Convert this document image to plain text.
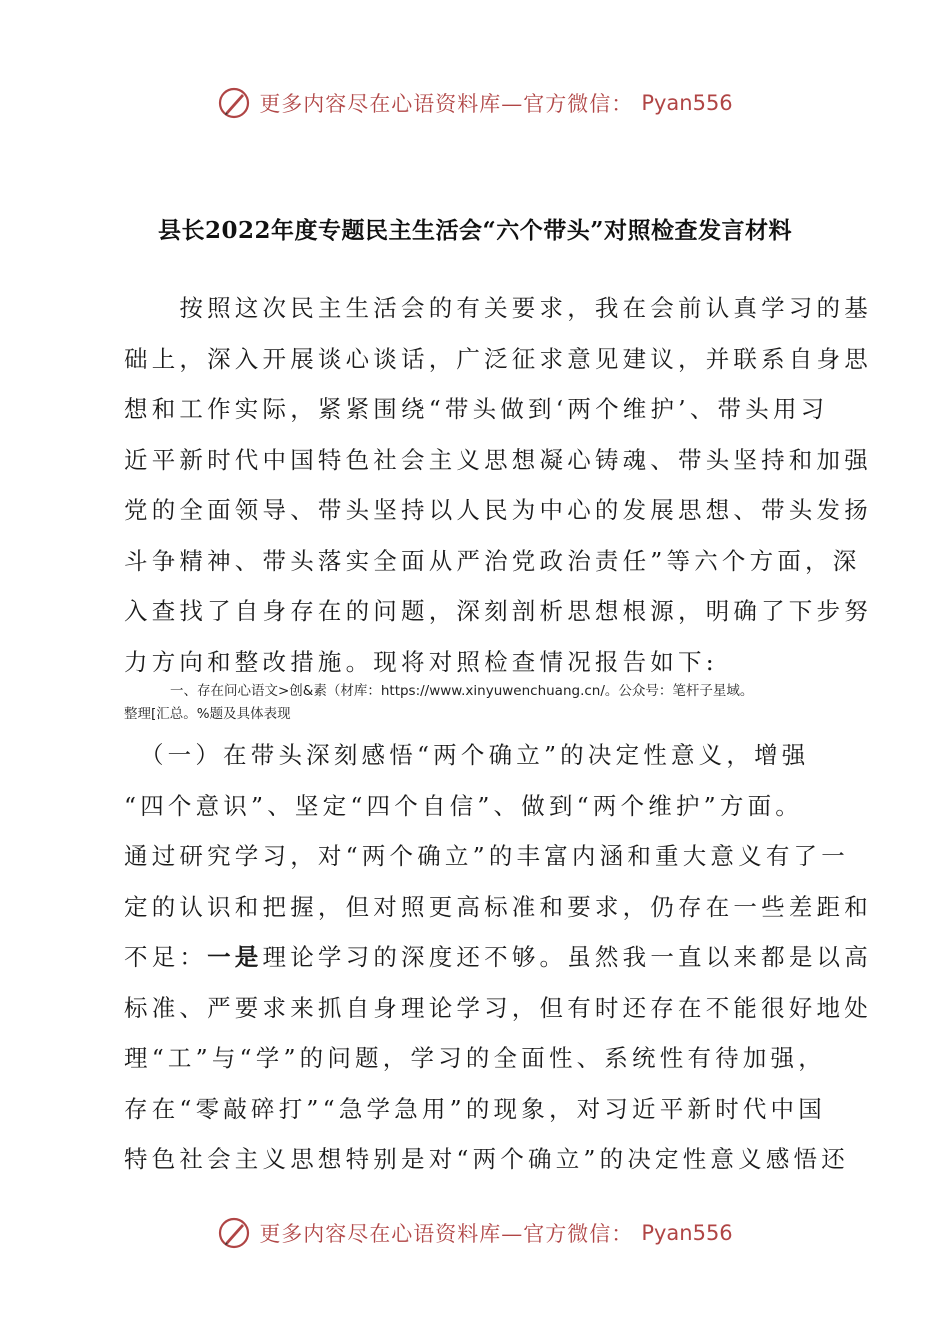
更多内容尽在心语资料库—官方微信： Pyan556
县长2022年度专题民主生活会“六个带头”对照检查发言材料
　　按照这次民主生活会的有关要求，我在会前认真学习的基
础上，深入开展谈心谈话，广泛征求意见建议，并联系自身思
想和工作实际，紧紧围绕“带头做到‘两个维护’、带头用习
近平新时代中国特色社会主义思想凝心铸魂、带头坚持和加强
党的全面领导、带头坚持以人民为中心的发展思想、带头发扬
斗争精神、带头落实全面从严治党政治责任”等六个方面，深
入查找了自身存在的问题，深刻剖析思想根源，明确了下步努
力方向和整改措施。现将对照检查情况报告如下:
一、存在问心语文>创&素（材库：https://www.xinyuwenchuang.cn/。公众号：笔杆子星域。
整理[汇总。%题及具体表现
　（一）在带头深刻感悟“两个确立”的决定性意义，增强
“四个意识”、坚定“四个自信”、做到“两个维护”方面。
通过研究学习，对“两个确立”的丰富内涵和重大意义有了一
定的认识和把握，但对照更高标准和要求，仍存在一些差距和
不足：一是理论学习的深度还不够。虽然我一直以来都是以高
标准、严要求来抓自身理论学习，但有时还存在不能很好地处
理“工”与“学”的问题，学习的全面性、系统性有待加强，
存在“零敲碎打”“急学急用”的现象，对习近平新时代中国
特色社会主义思想特别是对“两个确立”的决定性意义感悟还
更多内容尽在心语资料库—官方微信： Pyan556
